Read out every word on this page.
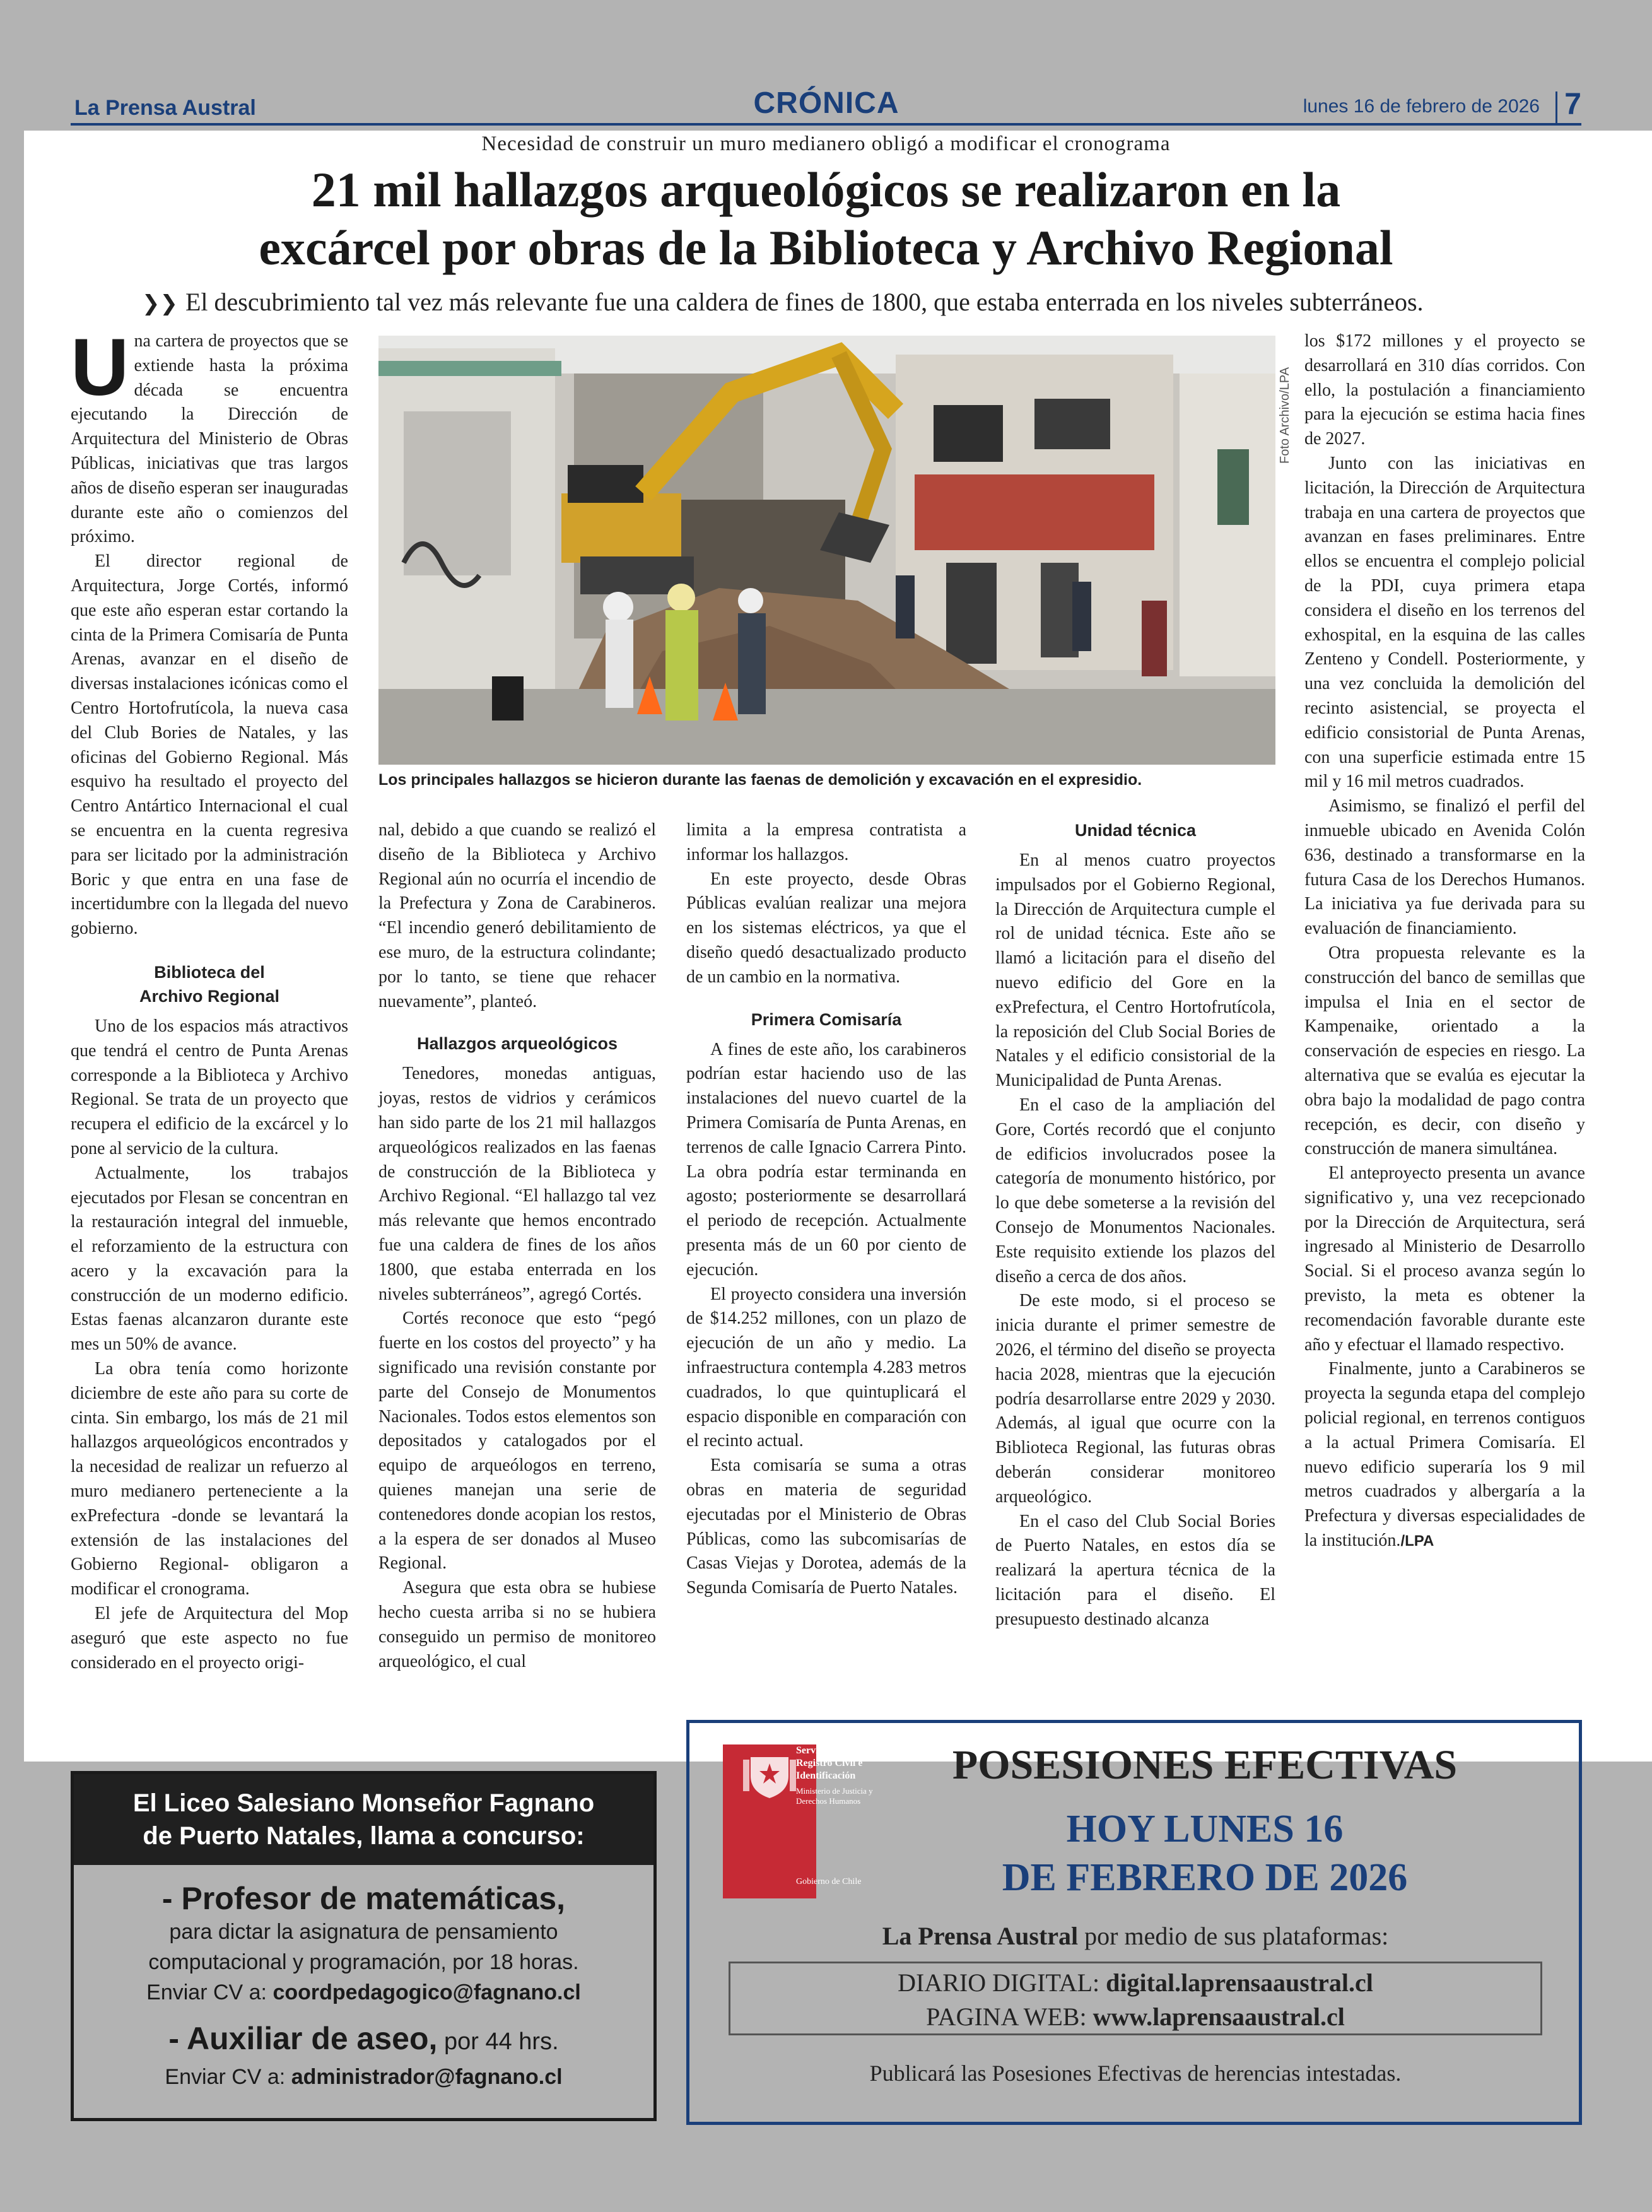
La Prensa Austral	CRÓNICA	lunes 16 de febrero de 2026 7
Necesidad de construir un muro medianero obligó a modificar el cronograma
21 mil hallazgos arqueológicos se realizaron en la
excárcel por obras de la Biblioteca y Archivo Regional
❯❯ El descubrimiento tal vez más relevante fue una caldera de fines de 1800, que estaba enterrada en los niveles subterráneos.
Foto Archivo/LPA
Los principales hallazgos se hicieron durante las faenas de demolición y excavación en el expresidio.

Una cartera de proyectos que se extiende hasta la próxima década se encuentra ejecutando la Dirección de Arquitectura del Ministerio de Obras Públicas, iniciativas que tras largos años de diseño esperan ser inauguradas durante este año o comienzos del próximo.

El director regional de Arquitectura, Jorge Cortés, informó que este año esperan estar cortando la cinta de la Primera Comisaría de Punta Arenas, avanzar en el diseño de diversas instalaciones icónicas como el Centro Hortofrutícola, la nueva casa del Club Bories de Natales, y las oficinas del Gobierno Regional. Más esquivo ha resultado el proyecto del Centro Antártico Internacional el cual se encuentra en la cuenta regresiva para ser licitado por la administración Boric y que entra en una fase de incertidumbre con la llegada del nuevo gobierno.

Biblioteca del
Archivo Regional

Uno de los espacios más atractivos que tendrá el centro de Punta Arenas corresponde a la Biblioteca y Archivo Regional. Se trata de un proyecto que recupera el edificio de la excárcel y lo pone al servicio de la cultura.

Actualmente, los trabajos ejecutados por Flesan se concentran en la restauración integral del inmueble, el reforzamiento de la estructura con acero y la excavación para la construcción de un moderno edificio. Estas faenas alcanzaron durante este mes un 50% de avance.

La obra tenía como horizonte diciembre de este año para su corte de cinta. Sin embargo, los más de 21 mil hallazgos arqueológicos encontrados y la necesidad de realizar un refuerzo al muro medianero perteneciente a la exPrefectura -donde se levantará la extensión de las instalaciones del Gobierno Regional- obligaron a modificar el cronograma.

El jefe de Arquitectura del Mop aseguró que este aspecto no fue considerado en el proyecto origi-

nal, debido a que cuando se realizó el diseño de la Biblioteca y Archivo Regional aún no ocurría el incendio de la Prefectura y Zona de Carabineros. “El incendio generó debilitamiento de ese muro, de la estructura colindante; por lo tanto, se tiene que rehacer nuevamente”, planteó.

Hallazgos arqueológicos

Tenedores, monedas antiguas, joyas, restos de vidrios y cerámicos han sido parte de los 21 mil hallazgos arqueológicos realizados en las faenas de construcción de la Biblioteca y Archivo Regional. “El hallazgo tal vez más relevante que hemos encontrado fue una caldera de fines de los años 1800, que estaba enterrada en los niveles subterráneos”, agregó Cortés.

Cortés reconoce que esto “pegó fuerte en los costos del proyecto” y ha significado una revisión constante por parte del Consejo de Monumentos Nacionales. Todos estos elementos son depositados y catalogados por el equipo de arqueólogos en terreno, quienes manejan una serie de contenedores donde acopian los restos, a la espera de ser donados al Museo Regional.

Asegura que esta obra se hubiese hecho cuesta arriba si no se hubiera conseguido un permiso de monitoreo arqueológico, el cual

limita a la empresa contratista a informar los hallazgos.

En este proyecto, desde Obras Públicas evalúan realizar una mejora en los sistemas eléctricos, ya que el diseño quedó desactualizado producto de un cambio en la normativa.

Primera Comisaría

A fines de este año, los carabineros podrían estar haciendo uso de las instalaciones del nuevo cuartel de la Primera Comisaría de Punta Arenas, en terrenos de calle Ignacio Carrera Pinto. La obra podría estar terminanda en agosto; posteriormente se desarrollará el periodo de recepción. Actualmente presenta más de un 60 por ciento de ejecución.

El proyecto considera una inversión de $14.252 millones, con un plazo de ejecución de un año y medio. La infraestructura contempla 4.283 metros cuadrados, lo que quintuplicará el espacio disponible en comparación con el recinto actual.

Esta comisaría se suma a otras obras en materia de seguridad ejecutadas por el Ministerio de Obras Públicas, como las subcomisarías de Casas Viejas y Dorotea, además de la Segunda Comisaría de Puerto Natales.

Unidad técnica

En al menos cuatro proyectos impulsados por el Gobierno Regional, la Dirección de Arquitectura cumple el rol de unidad técnica. Este año se llamó a licitación para el diseño del nuevo edificio del Gore en la exPrefectura, el Centro Hortofrutícola, la reposición del Club Social Bories de Natales y el edificio consistorial de la Municipalidad de Punta Arenas.

En el caso de la ampliación del Gore, Cortés recordó que el conjunto de edificios involucrados posee la categoría de monumento histórico, por lo que debe someterse a la revisión del Consejo de Monumentos Nacionales. Este requisito extiende los plazos del diseño a cerca de dos años.

De este modo, si el proceso se inicia durante el primer semestre de 2026, el término del diseño se proyecta hacia 2028, mientras que la ejecución podría desarrollarse entre 2029 y 2030. Además, al igual que ocurre con la Biblioteca Regional, las futuras obras deberán considerar monitoreo arqueológico.

En el caso del Club Social Bories de Puerto Natales, en estos día se realizará la apertura técnica de la licitación para el diseño. El presupuesto destinado alcanza

los $172 millones y el proyecto se desarrollará en 310 días corridos. Con ello, la postulación a financiamiento para la ejecución se estima hacia fines de 2027.

Junto con las iniciativas en licitación, la Dirección de Arquitectura trabaja en una cartera de proyectos que avanzan en fases preliminares. Entre ellos se encuentra el complejo policial de la PDI, cuya primera etapa considera el diseño en los terrenos del exhospital, en la esquina de las calles Zenteno y Condell. Posteriormente, y una vez concluida la demolición del recinto asistencial, se proyecta el edificio consistorial de Punta Arenas, con una superficie estimada entre 15 mil y 16 mil metros cuadrados.

Asimismo, se finalizó el perfil del inmueble ubicado en Avenida Colón 636, destinado a transformarse en la futura Casa de los Derechos Humanos. La iniciativa ya fue derivada para su evaluación de financiamiento.

Otra propuesta relevante es la construcción del banco de semillas que impulsa el Inia en el sector de Kampenaike, orientado a la conservación de especies en riesgo. La alternativa que se evalúa es ejecutar la obra bajo la modalidad de pago contra recepción, es decir, con diseño y construcción de manera simultánea.

El anteproyecto presenta un avance significativo y, una vez recepcionado por la Dirección de Arquitectura, será ingresado al Ministerio de Desarrollo Social. Si el proceso avanza según lo previsto, la meta es obtener la recomendación favorable durante este año y efectuar el llamado respectivo.

Finalmente, junto a Carabineros se proyecta la segunda etapa del complejo policial regional, en terrenos contiguos a la actual Primera Comisaría. El nuevo edificio superaría los 9 mil metros cuadrados y albergaría a la Prefectura y diversas especialidades de la institución./LPA

El Liceo Salesiano Monseñor Fagnano
de Puerto Natales, llama a concurso:
- Profesor de matemáticas,
para dictar la asignatura de pensamiento
computacional y programación, por 18 horas.
Enviar CV a: coordpedagogico@fagnano.cl
- Auxiliar de aseo, por 44 hrs.
Enviar CV a: administrador@fagnano.cl
Servicio de
Registro Civil e
Identificación
Ministerio de Justicia y Derechos Humanos
Gobierno de Chile
POSESIONES EFECTIVAS
HOY LUNES 16
DE FEBRERO DE 2026
La Prensa Austral por medio de sus plataformas:
DIARIO DIGITAL: digital.laprensaaustral.cl
PAGINA WEB: www.laprensaaustral.cl
Publicará las Posesiones Efectivas de herencias intestadas.
